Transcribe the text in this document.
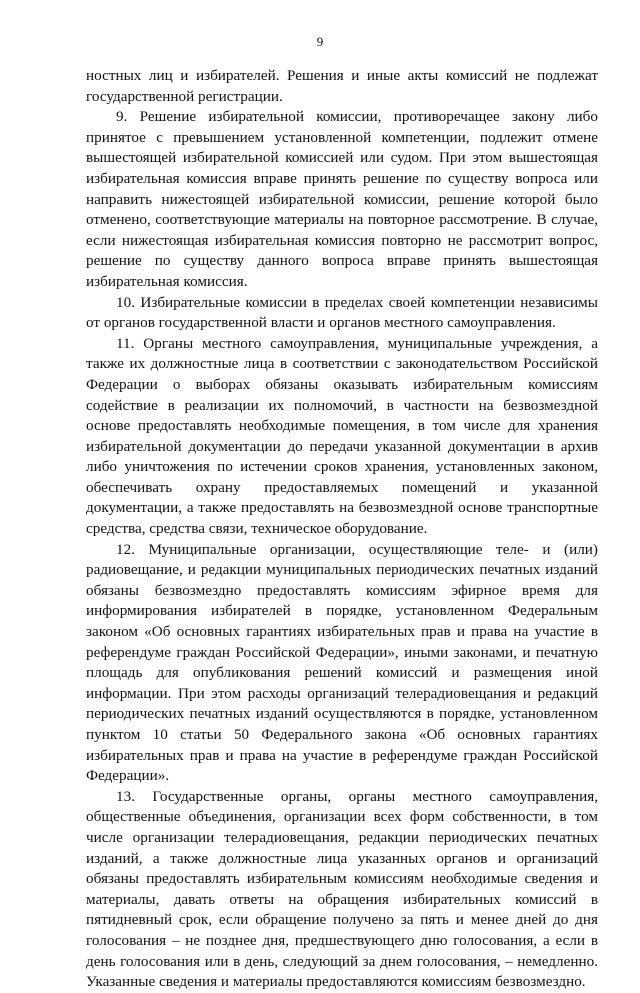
9

ностных лиц и избирателей. Решения и иные акты комиссий не подлежат государственной регистрации.

9. Решение избирательной комиссии, противоречащее закону либо принятое с превышением установленной компетенции, подлежит отмене вышестоящей избирательной комиссией или судом. При этом вышестоящая избирательная комиссия вправе принять решение по существу вопроса или направить нижестоящей избирательной комиссии, решение которой было отменено, соответствующие материалы на повторное рассмотрение. В случае, если нижестоящая избирательная комиссия повторно не рассмотрит вопрос, решение по существу данного вопроса вправе принять вышестоящая избирательная комиссия.

10. Избирательные комиссии в пределах своей компетенции независимы от органов государственной власти и органов местного самоуправления.

11. Органы местного самоуправления, муниципальные учреждения, а также их должностные лица в соответствии с законодательством Российской Федерации о выборах обязаны оказывать избирательным комиссиям содействие в реализации их полномочий, в частности на безвозмездной основе предоставлять необходимые помещения, в том числе для хранения избирательной документации до передачи указанной документации в архив либо уничтожения по истечении сроков хранения, установленных законом, обеспечивать охрану предоставляемых помещений и указанной документации, а также предоставлять на безвозмездной основе транспортные средства, средства связи, техническое оборудование.

12. Муниципальные организации, осуществляющие теле- и (или) радиовещание, и редакции муниципальных периодических печатных изданий обязаны безвозмездно предоставлять комиссиям эфирное время для информирования избирателей в порядке, установленном Федеральным законом «Об основных гарантиях избирательных прав и права на участие в референдуме граждан Российской Федерации», иными законами, и печатную площадь для опубликования решений комиссий и размещения иной информации. При этом расходы организаций телерадиовещания и редакций периодических печатных изданий осуществляются в порядке, установленном пунктом 10 статьи 50 Федерального закона «Об основных гарантиях избирательных прав и права на участие в референдуме граждан Российской Федерации».

13. Государственные органы, органы местного самоуправления, общественные объединения, организации всех форм собственности, в том числе организации телерадиовещания, редакции периодических печатных изданий, а также должностные лица указанных органов и организаций обязаны предоставлять избирательным комиссиям необходимые сведения и материалы, давать ответы на обращения избирательных комиссий в пятидневный срок, если обращение получено за пять и менее дней до дня голосования – не позднее дня, предшествующего дню голосования, а если в день голосования или в день, следующий за днем голосования, – немедленно. Указанные сведения и материалы предоставляются комиссиям безвозмездно.
